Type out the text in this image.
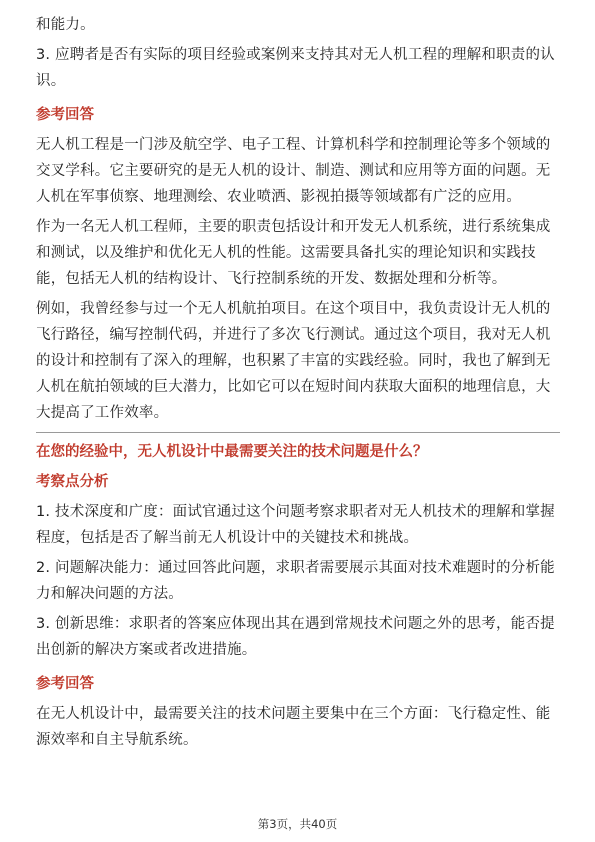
和能力。

3. 应聘者是否有实际的项目经验或案例来支持其对无人机工程的理解和职责的认识。

参考回答

无人机工程是一门涉及航空学、电子工程、计算机科学和控制理论等多个领域的交叉学科。它主要研究的是无人机的设计、制造、测试和应用等方面的问题。无人机在军事侦察、地理测绘、农业喷洒、影视拍摄等领域都有广泛的应用。

作为一名无人机工程师，主要的职责包括设计和开发无人机系统，进行系统集成和测试，以及维护和优化无人机的性能。这需要具备扎实的理论知识和实践技能，包括无人机的结构设计、飞行控制系统的开发、数据处理和分析等。

例如，我曾经参与过一个无人机航拍项目。在这个项目中，我负责设计无人机的飞行路径，编写控制代码，并进行了多次飞行测试。通过这个项目，我对无人机的设计和控制有了深入的理解，也积累了丰富的实践经验。同时，我也了解到无人机在航拍领域的巨大潜力，比如它可以在短时间内获取大面积的地理信息，大大提高了工作效率。

在您的经验中，无人机设计中最需要关注的技术问题是什么？

考察点分析

1. 技术深度和广度：面试官通过这个问题考察求职者对无人机技术的理解和掌握程度，包括是否了解当前无人机设计中的关键技术和挑战。

2. 问题解决能力：通过回答此问题，求职者需要展示其面对技术难题时的分析能力和解决问题的方法。

3. 创新思维：求职者的答案应体现出其在遇到常规技术问题之外的思考，能否提出创新的解决方案或者改进措施。

参考回答

在无人机设计中，最需要关注的技术问题主要集中在三个方面：飞行稳定性、能源效率和自主导航系统。

第3页，共40页
